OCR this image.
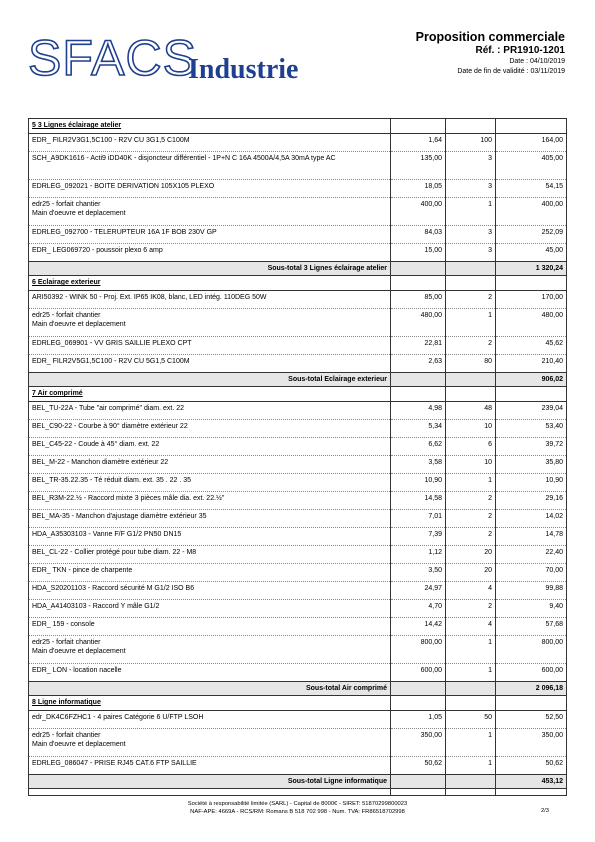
SFACS
Industrie
Proposition commerciale
Réf. : PR1910-1201
Date : 04/10/2019
Date de fin de validité : 03/11/2019
5 3 Lignes éclairage atelier			

EDR_ FILR2V3G1,5C100 - R2V CU 3G1,5 C100M	1,64	100	164,00

SCH_A9DK1616 - Acti9 iDD40K - disjoncteur différentiel - 1P+N C 16A 4500A/4,5A 30mA type AC	135,00	3	405,00

EDRLEG_092021 - BOITE DERIVATION 105X105 PLEXO	18,05	3	54,15

edr25 - forfait chantier
Main d'oeuvre et deplacement	400,00	1	400,00

EDRLEG_092700 - TELERUPTEUR 16A 1F BOB 230V GP	84,03	3	252,09

EDR_ LEG069720 - poussoir plexo 6 amp	15,00	3	45,00
Sous-total 3 Lignes éclairage atelier			1 320,24
6 Eclairage exterieur			

ARI50392 - WINK 50 - Proj. Ext. IP65 IK08, blanc, LED intég. 110DEG 50W	85,00	2	170,00

edr25 - forfait chantier
Main d'oeuvre et deplacement	480,00	1	480,00

EDRLEG_069901 - VV GRIS SAILLIE PLEXO CPT	22,81	2	45,62

EDR_ FILR2V5G1,5C100 - R2V CU 5G1,5 C100M	2,63	80	210,40
Sous-total Eclairage exterieur			906,02
7 Air comprimé			

BEL_TU-22A - Tube "air comprimé" diam. ext. 22	4,98	48	239,04

BEL_C90-22 - Courbe à 90° diamètre extérieur 22	5,34	10	53,40

BEL_C45-22 - Coude à 45° diam. ext. 22	6,62	6	39,72

BEL_M-22 - Manchon diamètre extérieur 22	3,58	10	35,80

BEL_TR-35.22.35 - Té réduit diam. ext. 35 . 22 . 35	10,90	1	10,90

BEL_R3M-22.½ - Raccord mixte 3 pièces mâle dia. ext. 22.½"	14,58	2	29,16

BEL_MA-35 - Manchon d'ajustage diamètre extérieur 35	7,01	2	14,02

HDA_A35303103 - Vanne F/F G1/2 PN50 DN15	7,39	2	14,78

BEL_CL-22 - Collier protégé pour tube diam. 22 - M8	1,12	20	22,40

EDR_ TKN - pince de charpente	3,50	20	70,00

HDA_S20201103 - Raccord sécurité M G1/2 ISO B6	24,97	4	99,88

HDA_A41403103 - Raccord Y mâle G1/2	4,70	2	9,40

EDR_ 159 - console	14,42	4	57,68

edr25 - forfait chantier
Main d'oeuvre et deplacement	800,00	1	800,00

EDR_ LON - location nacelle	600,00	1	600,00
Sous-total Air comprimé			2 096,18
8 Ligne informatique			

edr_DK4C6FZHC1 - 4 paires Catégorie 6 U/FTP LSOH	1,05	50	52,50

edr25 - forfait chantier
Main d'oeuvre et deplacement	350,00	1	350,00

EDRLEG_086047 - PRISE RJ45 CAT.6 FTP SAILLIE	50,62	1	50,62
Sous-total Ligne informatique			453,12

Société à responsabilité limitée (SARL) - Capital de 8000€ - SIRET: 51870299800023
NAF-APE: 4669A - RCS/RM: Romans B 518 702 998 - Num. TVA: FR86518702998	2/3
